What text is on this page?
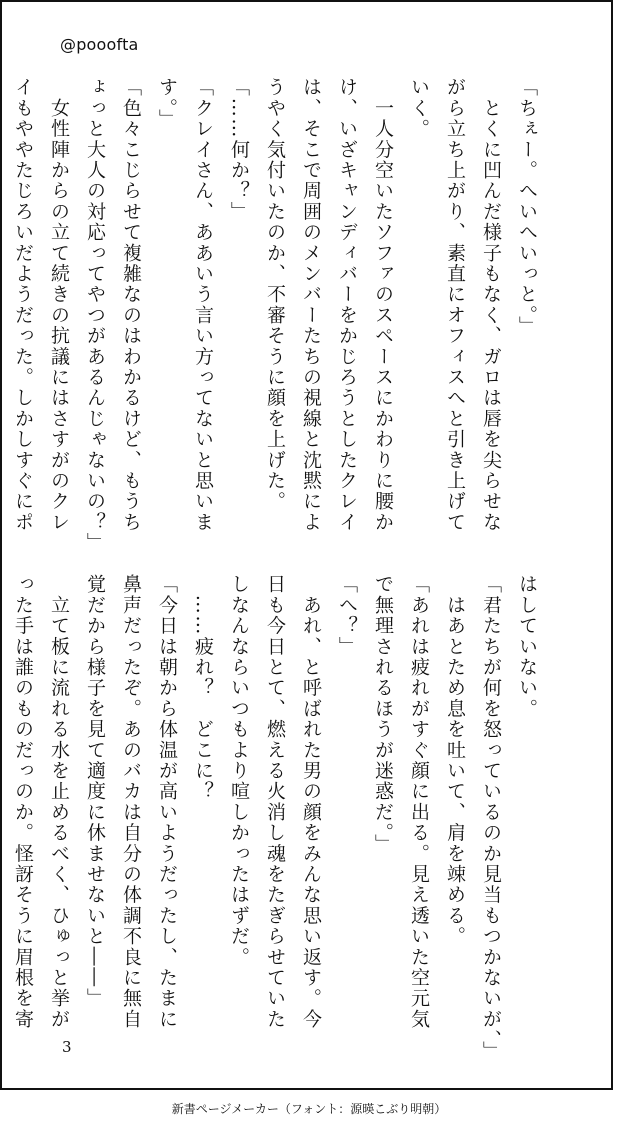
@pooofta
「ちぇー。へいへいっと。」
　とくに凹んだ様子もなく、ガロは唇を尖らせな
がら立ち上がり、素直にオフィスへと引き上げて
いく。
　一人分空いたソファのスペースにかわりに腰か
け、いざキャンディバーをかじろうとしたクレイ
は、そこで周囲のメンバーたちの視線と沈黙によ
うやく気付いたのか、不審そうに顔を上げた。
「……何か？」
「クレイさん、ああいう言い方ってないと思いま
す。」
「色々こじらせて複雑なのはわかるけど、もうち
ょっと大人の対応ってやつがあるんじゃないの？」
　女性陣からの立て続きの抗議にはさすがのクレ
イもややたじろいだようだった。しかしすぐにポ
はしていない。
「君たちが何を怒っているのか見当もつかないが、」
　はあとため息を吐いて、肩を竦める。
「あれは疲れがすぐ顔に出る。見え透いた空元気
で無理されるほうが迷惑だ。」
「へ？」
　あれ、と呼ばれた男の顔をみんな思い返す。今
日も今日とて、燃える火消し魂をたぎらせていた
しなんならいつもより喧しかったはずだ。
　……疲れ？　どこに？
「今日は朝から体温が高いようだったし、たまに
鼻声だったぞ。あのバカは自分の体調不良に無自
覚だから様子を見て適度に休ませないと――」
　立て板に流れる水を止めるべく、ひゅっと挙が
った手は誰のものだっのか。怪訝そうに眉根を寄
3
新書ページメーカー（フォント：源暎こぶり明朝）
